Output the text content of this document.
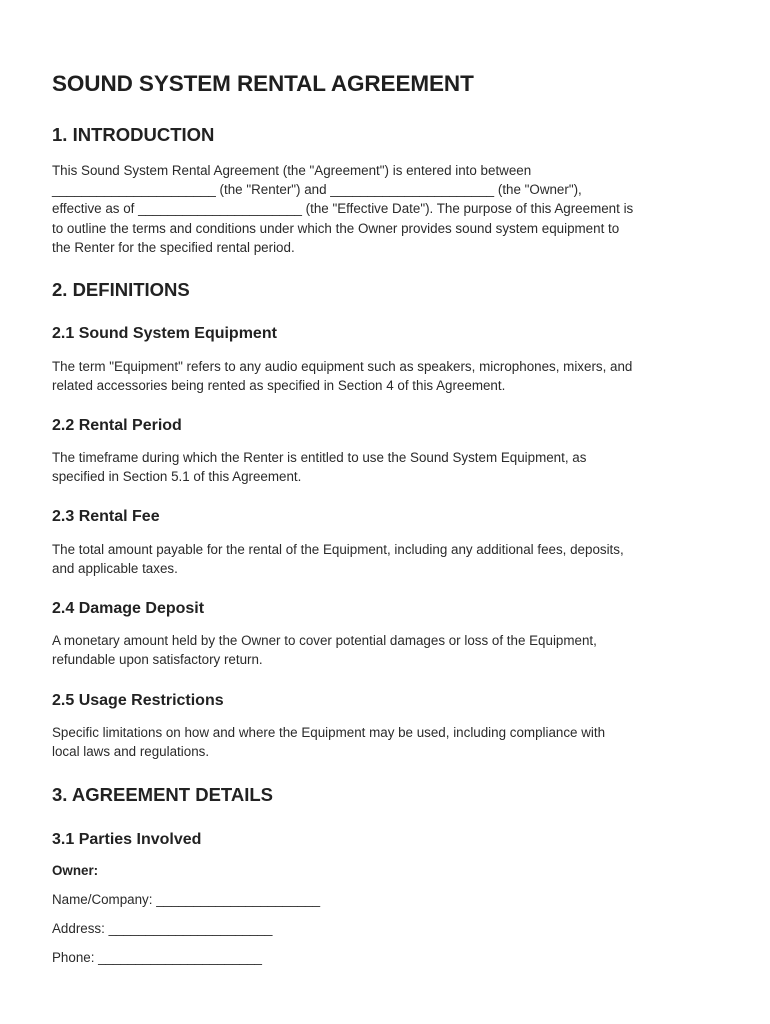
SOUND SYSTEM RENTAL AGREEMENT
1. INTRODUCTION

This Sound System Rental Agreement (the "Agreement") is entered into between
______________________ (the "Renter") and ______________________ (the "Owner"),
effective as of ______________________ (the "Effective Date"). The purpose of this Agreement is
to outline the terms and conditions under which the Owner provides sound system equipment to
the Renter for the specified rental period.

2. DEFINITIONS
2.1 Sound System Equipment

The term "Equipment" refers to any audio equipment such as speakers, microphones, mixers, and
related accessories being rented as specified in Section 4 of this Agreement.

2.2 Rental Period

The timeframe during which the Renter is entitled to use the Sound System Equipment, as
specified in Section 5.1 of this Agreement.

2.3 Rental Fee

The total amount payable for the rental of the Equipment, including any additional fees, deposits,
and applicable taxes.

2.4 Damage Deposit

A monetary amount held by the Owner to cover potential damages or loss of the Equipment,
refundable upon satisfactory return.

2.5 Usage Restrictions

Specific limitations on how and where the Equipment may be used, including compliance with
local laws and regulations.

3. AGREEMENT DETAILS
3.1 Parties Involved
Owner:
Name/Company: ______________________
Address: ______________________
Phone: ______________________
